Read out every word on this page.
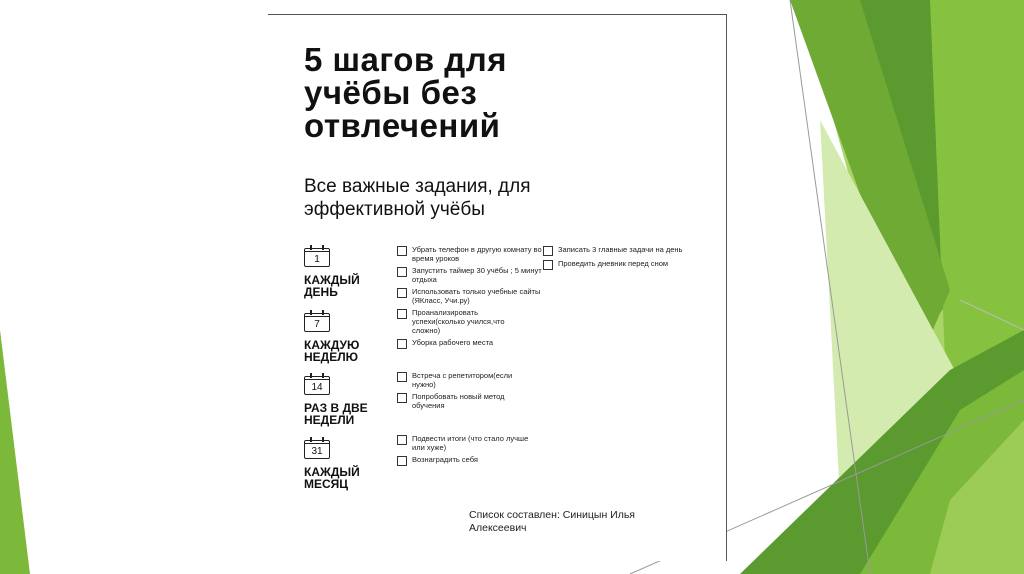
5 шагов для
учёбы без
отвлечений

Все важные задания, для
эффективной учёбы

1
КАЖДЫЙ
ДЕНЬ
Убрать телефон в другую комнату во время уроков
Запустить таймер 30 учёбы ; 5 минут отдыха
Использовать только учебные сайты (ЯКласс, Учи.ру)
Записать 3 главные задачи на день
Проведить дневник перед сном
7
КАЖДУЮ
НЕДЕЛЮ
Проанализировать успехи(сколько учился,что сложно)
Уборка рабочего места
14
РАЗ В ДВЕ
НЕДЕЛИ
Встреча с репетитором(если нужно)
Попробовать новый метод обучения
31
КАЖДЫЙ
МЕСЯЦ
Подвести итоги (что стало лучше или хуже)
Вознаградить себя

Список составлен: Синицын Илья
Алексеевич
